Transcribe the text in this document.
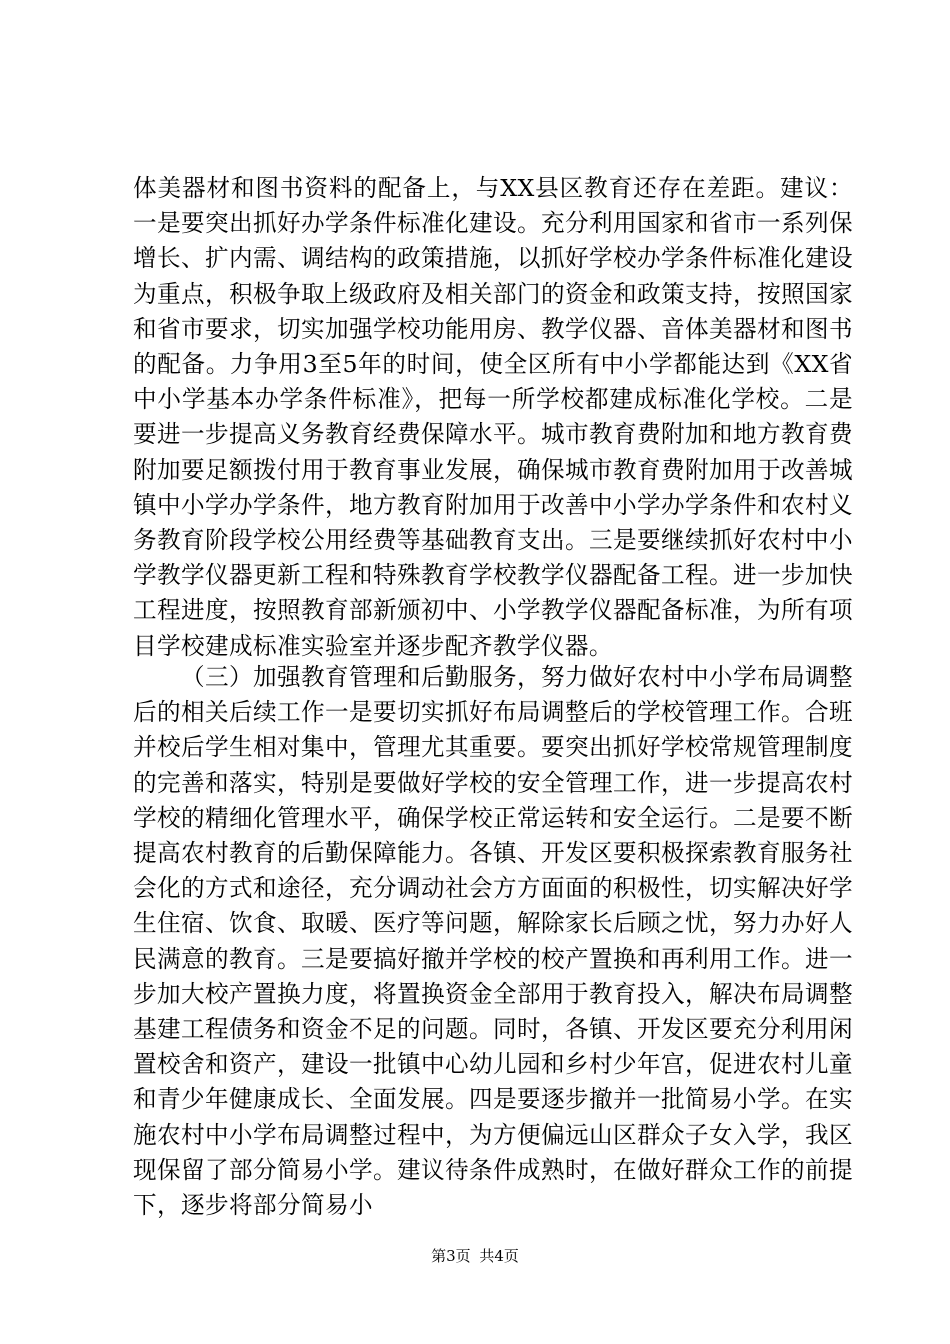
体美器材和图书资料的配备上，与XX县区教育还存在差距。建议：一是要突出抓好办学条件标准化建设。充分利用国家和省市一系列保增长、扩内需、调结构的政策措施，以抓好学校办学条件标准化建设为重点，积极争取上级政府及相关部门的资金和政策支持，按照国家和省市要求，切实加强学校功能用房、教学仪器、音体美器材和图书的配备。力争用3至5年的时间，使全区所有中小学都能达到《XX省中小学基本办学条件标准》，把每一所学校都建成标准化学校。二是要进一步提高义务教育经费保障水平。城市教育费附加和地方教育费附加要足额拨付用于教育事业发展，确保城市教育费附加用于改善城镇中小学办学条件，地方教育附加用于改善中小学办学条件和农村义务教育阶段学校公用经费等基础教育支出。三是要继续抓好农村中小学教学仪器更新工程和特殊教育学校教学仪器配备工程。进一步加快工程进度，按照教育部新颁初中、小学教学仪器配备标准，为所有项目学校建成标准实验室并逐步配齐教学仪器。

（三）加强教育管理和后勤服务，努力做好农村中小学布局调整后的相关后续工作一是要切实抓好布局调整后的学校管理工作。合班并校后学生相对集中，管理尤其重要。要突出抓好学校常规管理制度的完善和落实，特别是要做好学校的安全管理工作，进一步提高农村学校的精细化管理水平，确保学校正常运转和安全运行。二是要不断提高农村教育的后勤保障能力。各镇、开发区要积极探索教育服务社会化的方式和途径，充分调动社会方方面面的积极性，切实解决好学生住宿、饮食、取暖、医疗等问题，解除家长后顾之忧，努力办好人民满意的教育。三是要搞好撤并学校的校产置换和再利用工作。进一步加大校产置换力度，将置换资金全部用于教育投入，解决布局调整基建工程债务和资金不足的问题。同时，各镇、开发区要充分利用闲置校舍和资产，建设一批镇中心幼儿园和乡村少年宫，促进农村儿童和青少年健康成长、全面发展。四是要逐步撤并一批简易小学。在实施农村中小学布局调整过程中，为方便偏远山区群众子女入学，我区现保留了部分简易小学。建议待条件成熟时，在做好群众工作的前提下，逐步将部分简易小

第3页 共4页
